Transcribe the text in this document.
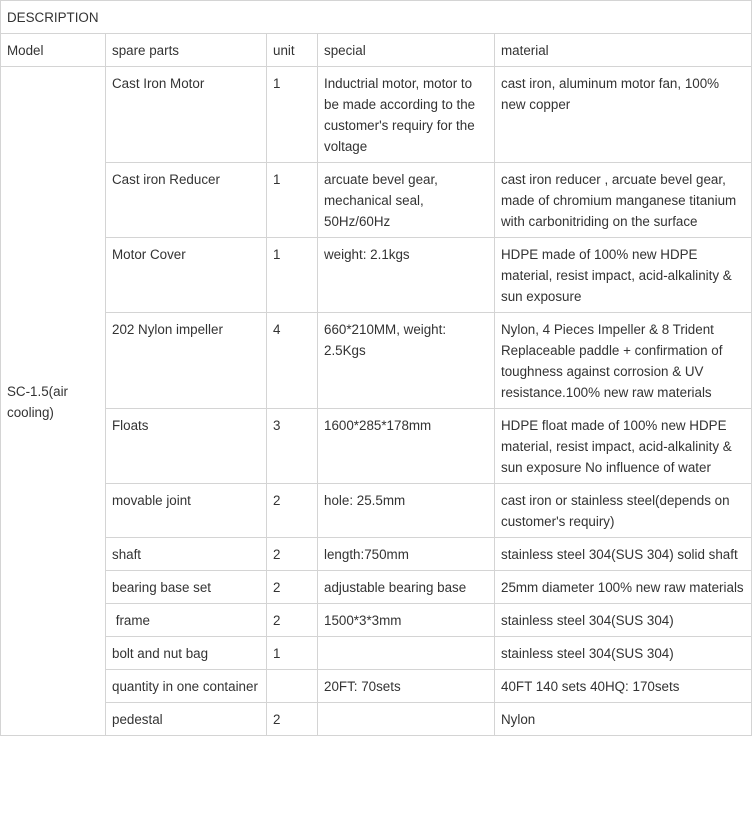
DESCRIPTION				
Model	spare parts	unit	special	material
SC-1.5(air cooling)	Cast Iron Motor	1	Inductrial motor, motor to be made according to the customer's requiry for the voltage	cast iron, aluminum motor fan, 100% new copper
	Cast iron Reducer	1	arcuate bevel gear, mechanical seal, 50Hz/60Hz	cast iron reducer , arcuate bevel gear, made of chromium manganese titanium with carbonitriding on the surface
	Motor Cover	1	weight: 2.1kgs	HDPE made of 100% new HDPE material, resist impact, acid-alkalinity & sun exposure
	202 Nylon impeller	4	660*210MM, weight: 2.5Kgs	Nylon, 4 Pieces Impeller & 8 Trident Replaceable paddle + confirmation of toughness against corrosion & UV resistance.100% new raw materials
	Floats	3	1600*285*178mm	HDPE float made of 100% new HDPE material, resist impact, acid-alkalinity & sun exposure No influence of water
	movable joint	2	hole: 25.5mm	cast iron or stainless steel(depends on customer's requiry)
	shaft	2	length:750mm	stainless steel 304(SUS 304) solid shaft
	bearing base set	2	adjustable bearing base	25mm diameter 100% new raw materials
	frame	2	1500*3*3mm	stainless steel 304(SUS 304)
	bolt and nut bag	1		stainless steel 304(SUS 304)
	quantity in one container		20FT: 70sets	40FT 140 sets 40HQ: 170sets
	pedestal	2		Nylon
